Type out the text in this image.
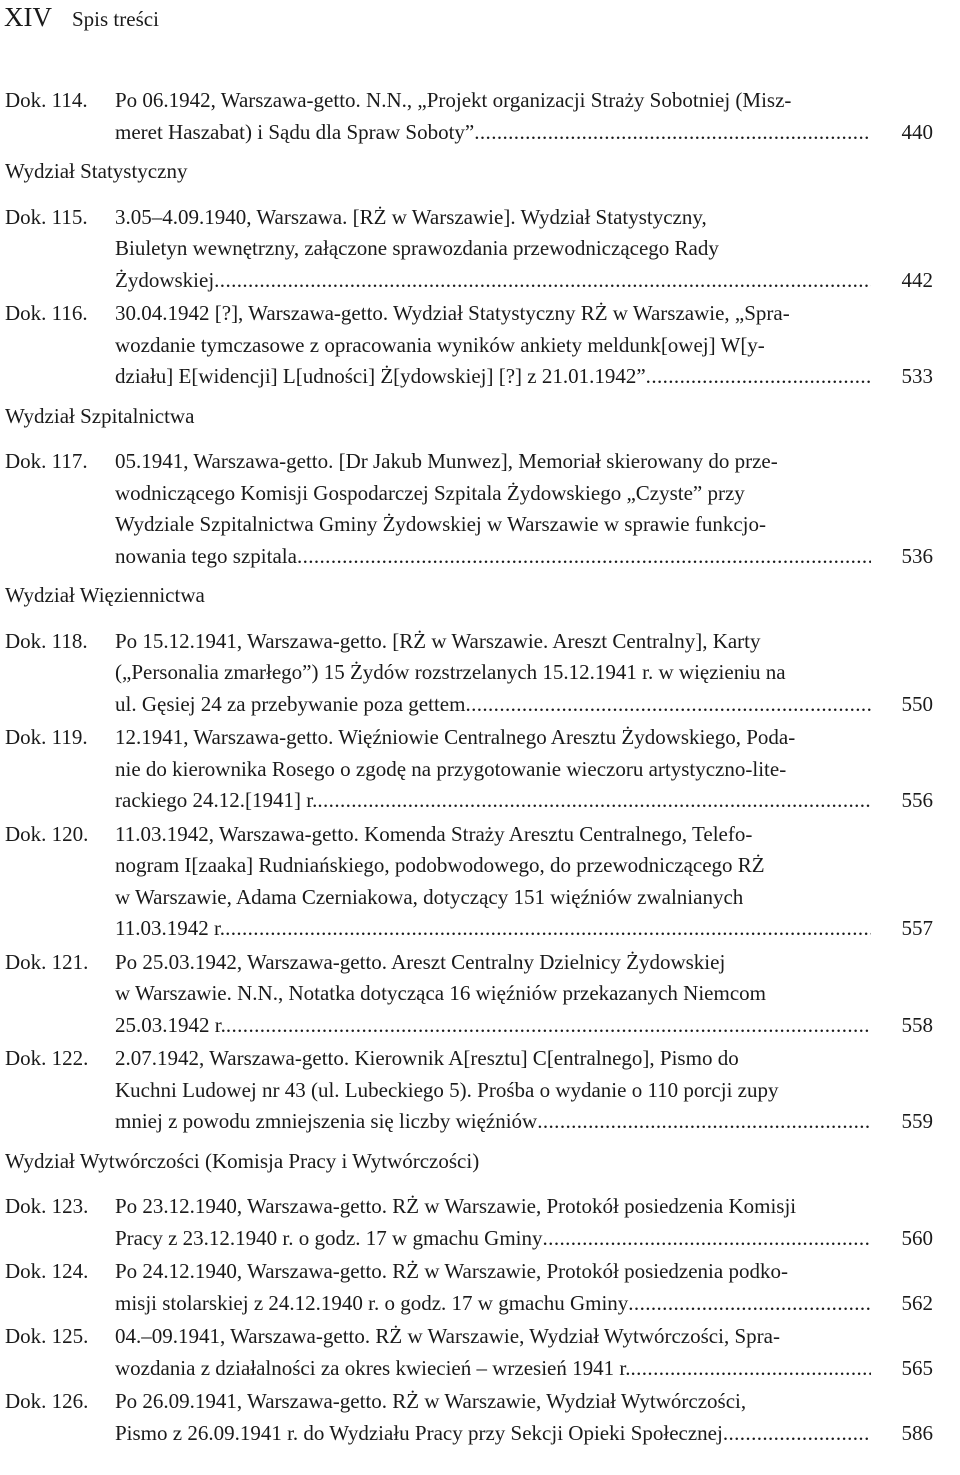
XIV Spis treści
Dok. 114.	Po 06.1942, Warszawa-getto. N.N., „Projekt organizacji Straży Sobotniej (Misz-
meret Haszabat) i Sądu dla Spraw Soboty” .....	440
Wydział Statystyczny
Dok. 115.	3.05–4.09.1940, Warszawa. [RŻ w Warszawie]. Wydział Statystyczny,
Biuletyn wewnętrzny, załączone sprawozdania przewodniczącego Rady
Żydowskiej .....	442
Dok. 116.	30.04.1942 [?], Warszawa-getto. Wydział Statystyczny RŻ w Warszawie, „Spra-
wozdanie tymczasowe z opracowania wyników ankiety meldunk[owej] W[y-
działu] E[widencji] L[udności] Ż[ydowskiej] [?] z 21.01.1942” .....	533
Wydział Szpitalnictwa
Dok. 117.	05.1941, Warszawa-getto. [Dr Jakub Munwez], Memoriał skierowany do prze-
wodniczącego Komisji Gospodarczej Szpitala Żydowskiego „Czyste” przy
Wydziale Szpitalnictwa Gminy Żydowskiej w Warszawie w sprawie funkcjo-
nowania tego szpitala .....	536
Wydział Więziennictwa
Dok. 118.	Po 15.12.1941, Warszawa-getto. [RŻ w Warszawie. Areszt Centralny], Karty
(„Personalia zmarłego”) 15 Żydów rozstrzelanych 15.12.1941 r. w więzieniu na
ul. Gęsiej 24 za przebywanie poza gettem .....	550
Dok. 119.	12.1941, Warszawa-getto. Więźniowie Centralnego Aresztu Żydowskiego, Poda-
nie do kierownika Rosego o zgodę na przygotowanie wieczoru artystyczno-lite-
rackiego 24.12.[1941] r. .....	556
Dok. 120.	11.03.1942, Warszawa-getto. Komenda Straży Aresztu Centralnego, Telefo-
nogram I[zaaka] Rudniańskiego, podobwodowego, do przewodniczącego RŻ
w Warszawie, Adama Czerniakowa, dotyczący 151 więźniów zwalnianych
11.03.1942 r. .....	557
Dok. 121.	Po 25.03.1942, Warszawa-getto. Areszt Centralny Dzielnicy Żydowskiej
w Warszawie. N.N., Notatka dotycząca 16 więźniów przekazanych Niemcom
25.03.1942 r. .....	558
Dok. 122.	2.07.1942, Warszawa-getto. Kierownik A[resztu] C[entralnego], Pismo do
Kuchni Ludowej nr 43 (ul. Lubeckiego 5). Prośba o wydanie o 110 porcji zupy
mniej z powodu zmniejszenia się liczby więźniów .....	559
Wydział Wytwórczości (Komisja Pracy i Wytwórczości)
Dok. 123.	Po 23.12.1940, Warszawa-getto. RŻ w Warszawie, Protokół posiedzenia Komisji
Pracy z 23.12.1940 r. o godz. 17 w gmachu Gminy .....	560
Dok. 124.	Po 24.12.1940, Warszawa-getto. RŻ w Warszawie, Protokół posiedzenia podko-
misji stolarskiej z 24.12.1940 r. o godz. 17 w gmachu Gminy .....	562
Dok. 125.	04.–09.1941, Warszawa-getto. RŻ w Warszawie, Wydział Wytwórczości, Spra-
wozdania z działalności za okres kwiecień – wrzesień 1941 r. .....	565
Dok. 126.	Po 26.09.1941, Warszawa-getto. RŻ w Warszawie, Wydział Wytwórczości,
Pismo z 26.09.1941 r. do Wydziału Pracy przy Sekcji Opieki Społecznej .....	586
